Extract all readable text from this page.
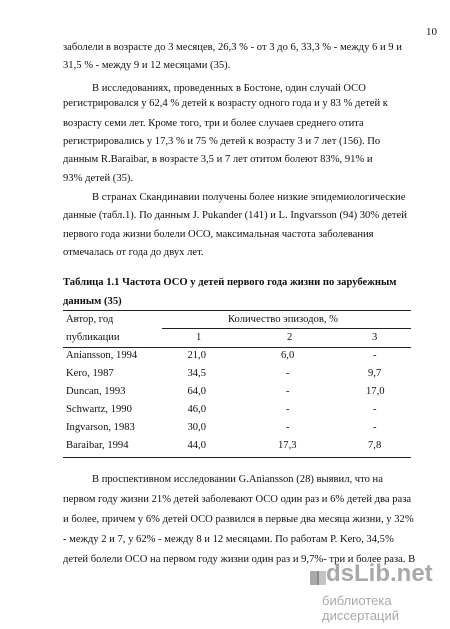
10
заболели в возрасте до 3 месяцев, 26,3 % - от 3 до 6, 33,3 % - между 6 и 9 и
31,5 % - между 9 и 12 месяцами (35).
В исследованиях, проведенных в Бостоне, один случай ОСО
регистрировался у 62,4 % детей к возрасту одного года и у 83 % детей к
возрасту семи лет. Кроме того, три и более случаев среднего отита
регистрировались у 17,3 % и 75 % детей к возрасту 3 и 7 лет (156). По
данным R.Baraibar, в возрасте 3,5 и 7 лет отитом болеют 83%, 91% и
93% детей (35).
В странах Скандинавии получены более низкие эпидемиологические
данные (табл.1). По данным J. Pukander (141) и L. Ingvarsson (94) 30% детей
первого года жизни болели ОСО, максимальная частота заболевания
отмечалась от года до двух лет.
Таблица 1.1 Частота ОСО у детей первого года жизни по зарубежным
данным (35)
Автор, год	Количество эпизодов, %
публикации	1	2	3
Aniansson, 1994	21,0	6,0	-
Kero, 1987	34,5	-	9,7
Duncan, 1993	64,0	-	17,0
Schwartz, 1990	46,0	-	-
Ingvarson, 1983	30,0	-	-
Baraibar, 1994	44,0	17,3	7,8
В проспективном исследовании G.Aniansson (28) выявил, что на
первом году жизни 21% детей заболевают ОСО один раз и 6% детей два раза
и более, причем у 6% детей ОСО развился в первые два месяца жизни, у 32%
- между 2 и 7, у 62% - между 8 и 12 месяцами. По работам Р. Kero, 34,5%
детей болели ОСО на первом году жизни один раз и 9,7%- три и более раза. В
dsLib.net
библиотека диссертаций
